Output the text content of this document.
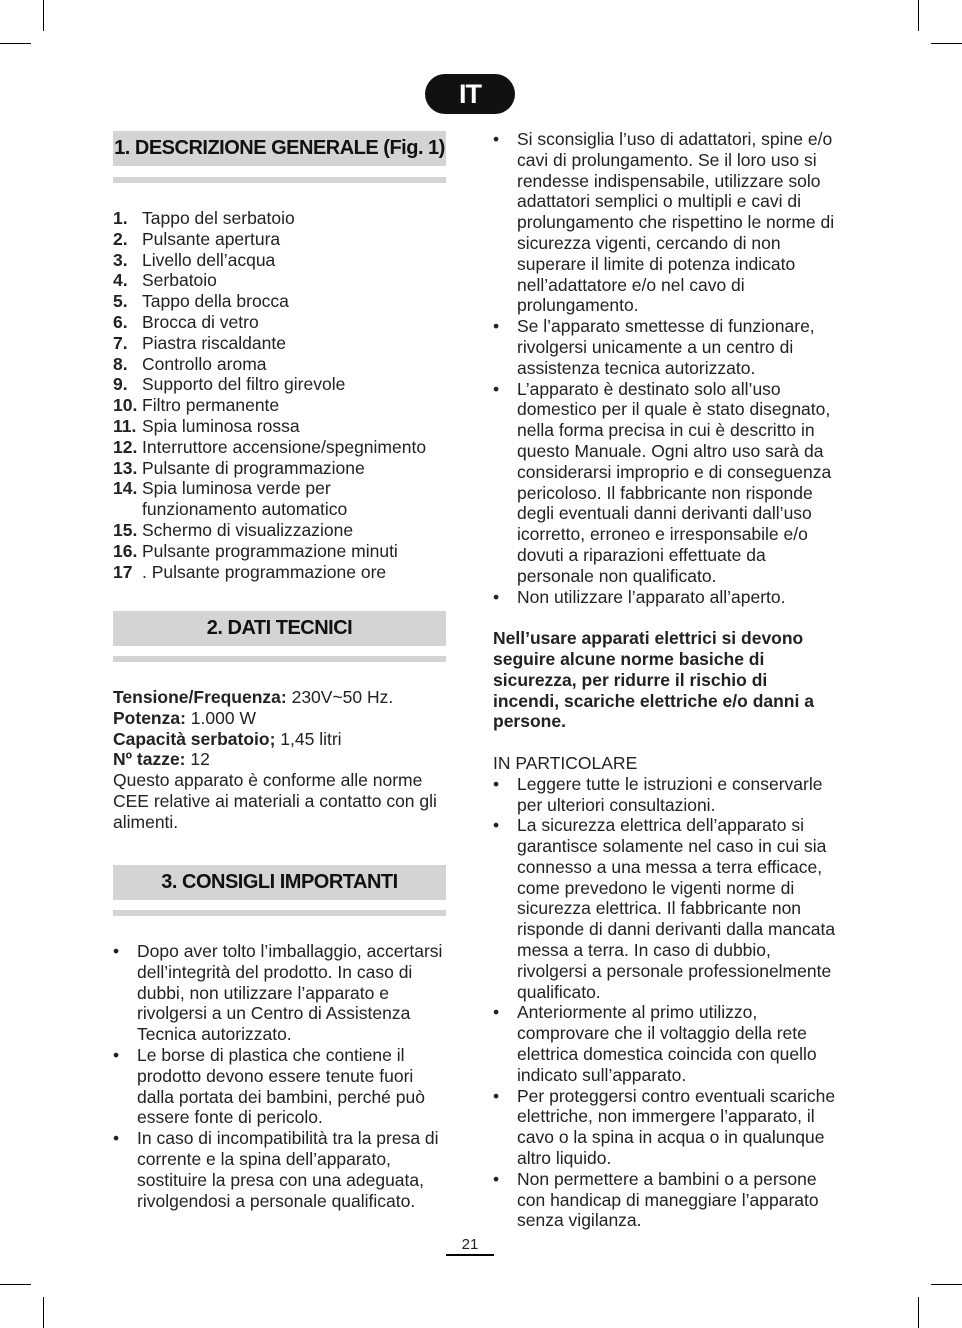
IT
1. DESCRIZIONE GENERALE (Fig. 1)
1. Tappo del serbatoio
2. Pulsante apertura
3. Livello dell’acqua
4. Serbatoio
5. Tappo della brocca
6. Brocca di vetro
7. Piastra riscaldante
8. Controllo aroma
9. Supporto del filtro girevole
10. Filtro permanente
11. Spia luminosa rossa
12. Interruttore accensione/spegnimento
13. Pulsante di programmazione
14. Spia luminosa verde per funzionamento automatico
15. Schermo di visualizzazione
16. Pulsante programmazione minuti
17 . Pulsante programmazione ore
2. DATI TECNICI
Tensione/Frequenza: 230V~50 Hz.
Potenza: 1.000 W
Capacità serbatoio; 1,45 litri
Nº tazze: 12

Questo apparato è conforme alle norme CEE relative ai materiali a contatto con gli alimenti.

3. CONSIGLI IMPORTANTI
• Dopo aver tolto l’imballaggio, accertarsi dell’integrità del prodotto. In caso di dubbi, non utilizzare l’apparato e rivolgersi a un Centro di Assistenza Tecnica autorizzato.
• Le borse di plastica che contiene il prodotto devono essere tenute fuori dalla portata dei bambini, perché può essere fonte di pericolo.
• In caso di incompatibilità tra la presa di corrente e la spina dell’apparato, sostituire la presa con una adeguata, rivolgendosi a personale qualificato.
• Si sconsiglia l’uso di adattatori, spine e/o cavi di prolungamento. Se il loro uso si rendesse indispensabile, utilizzare solo adattatori semplici o multipli e cavi di prolungamento che rispettino le norme di sicurezza vigenti, cercando di non superare il limite di potenza indicato nell’adattatore e/o nel cavo di prolungamento.
• Se l’apparato smettesse di funzionare, rivolgersi unicamente a un centro di assistenza tecnica autorizzato.
• L’apparato è destinato solo all’uso domestico per il quale è stato disegnato, nella forma precisa in cui è descritto in questo Manuale. Ogni altro uso sarà da considerarsi improprio e di conseguenza pericoloso. Il fabbricante non risponde degli eventuali danni derivanti dall’uso icorretto, erroneo e irresponsabile e/o dovuti a riparazioni effettuate da personale non qualificato.
• Non utilizzare l’apparato all’aperto.

Nell’usare apparati elettrici si devono seguire alcune norme basiche di sicurezza, per ridurre il rischio di incendi, scariche elettriche e/o danni a persone.

IN PARTICOLARE

• Leggere tutte le istruzioni e conservarle per ulteriori consultazioni.
• La sicurezza elettrica dell’apparato si garantisce solamente nel caso in cui sia connesso a una messa a terra efficace, come prevedono le vigenti norme di sicurezza elettrica. Il fabbricante non risponde di danni derivanti dalla mancata messa a terra. In caso di dubbio, rivolgersi a personale professionelmente qualificato.
• Anteriormente al primo utilizzo, comprovare che il voltaggio della rete elettrica domestica coincida con quello indicato sull’apparato.
• Per proteggersi contro eventuali scariche elettriche, non immergere l’apparato, il cavo o la spina in acqua o in qualunque altro liquido.
• Non permettere a bambini o a persone con handicap di maneggiare l’apparato senza vigilanza.
21
